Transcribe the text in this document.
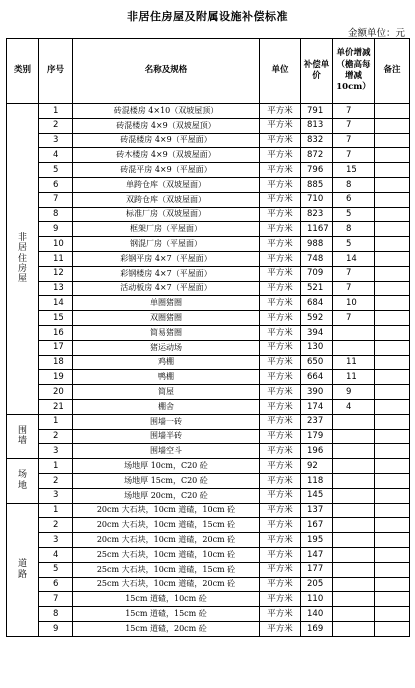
非居住房屋及附属设施补偿标准
金额单位：元
类别	序号	名称及规格	单位	补偿单价	单价增减（檐高每增减10cm）	备注
非居住房屋	1	砖混楼房 4×10（双坡屋顶）	平方米	791	7	
	2	砖混楼房 4×9（双坡屋顶）	平方米	813	7	
	3	砖混楼房 4×9（平屋面）	平方米	832	7	
	4	砖木楼房 4×9（双坡屋面）	平方米	872	7	
	5	砖混平房 4×9（平屋面）	平方米	796	15	
	6	单跨仓库（双坡屋面）	平方米	885	8	
	7	双跨仓库（双坡屋面）	平方米	710	6	
	8	标准厂房（双坡屋面）	平方米	823	5	
	9	框架厂房（平屋面）	平方米	1167	8	
	10	钢混厂房（平屋面）	平方米	988	5	
	11	彩钢平房 4×7（平屋面）	平方米	748	14	
	12	彩钢楼房 4×7（平屋面）	平方米	709	7	
	13	活动板房 4×7（平屋面）	平方米	521	7	
	14	单圈猪圈	平方米	684	10	
	15	双圈猪圈	平方米	592	7	
	16	简易猪圈	平方米	394		
	17	猪运动场	平方米	130		
	18	鸡棚	平方米	650	11	
	19	鸭棚	平方米	664	11	
	20	简屋	平方米	390	9	
	21	棚舍	平方米	174	4	
围墙	1	围墙一砖	平方米	237		
	2	围墙半砖	平方米	179		
	3	围墙空斗	平方米	196		
场地	1	场地厚 10cm，C20 砼	平方米	92		
	2	场地厚 15cm，C20 砼	平方米	118		
	3	场地厚 20cm，C20 砼	平方米	145		
道路	1	20cm 大石块，10cm 道碴，10cm 砼	平方米	137		
	2	20cm 大石块，10cm 道碴，15cm 砼	平方米	167		
	3	20cm 大石块，10cm 道碴，20cm 砼	平方米	195		
	4	25cm 大石块，10cm 道碴，10cm 砼	平方米	147		
	5	25cm 大石块，10cm 道碴，15cm 砼	平方米	177		
	6	25cm 大石块，10cm 道碴，20cm 砼	平方米	205		
	7	15cm 道碴，10cm 砼	平方米	110		
	8	15cm 道碴，15cm 砼	平方米	140		
	9	15cm 道碴，20cm 砼	平方米	169		
